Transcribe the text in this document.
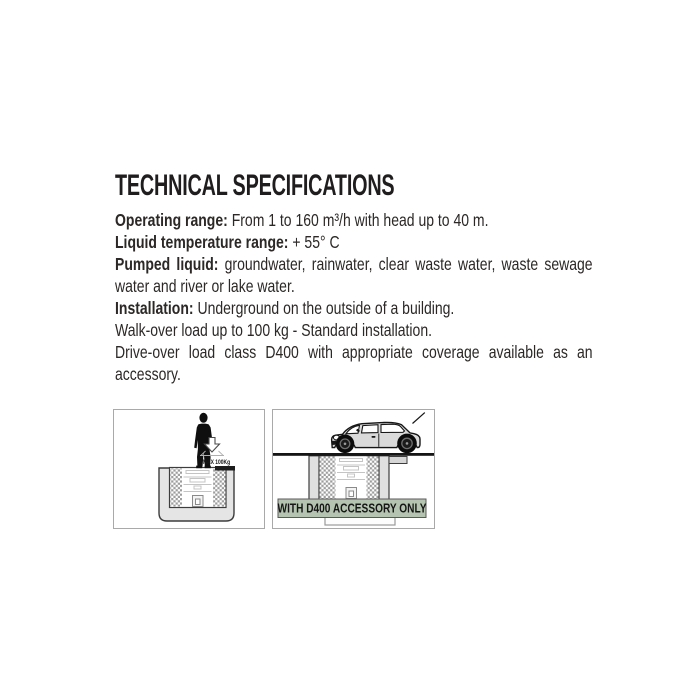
TECHNICAL SPECIFICATIONS
Operating range: From 1 to 160 m³/h with head up to 40 m.
Liquid temperature range: + 55° C
Pumped liquid: groundwater, rainwater, clear waste water, waste sewage
water and river or lake water.
Installation: Underground on the outside of a building.
Walk-over load up to 100 kg - Standard installation.
Drive-over load class D400 with appropriate coverage available as an
accessory.
MAX 100Kg
WITH D400 ACCESSORY ONLY
